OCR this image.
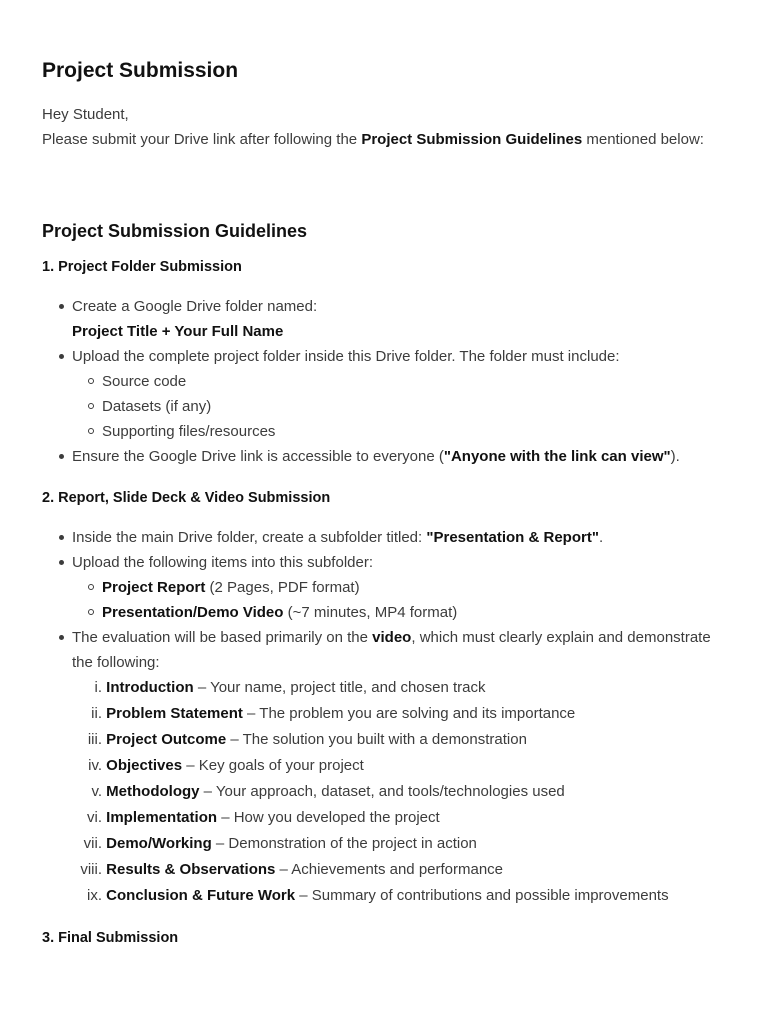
Project Submission

Hey Student,

Please submit your Drive link after following the Project Submission Guidelines mentioned below:

Project Submission Guidelines
1. Project Folder Submission
Create a Google Drive folder named:
Project Title + Your Full Name
Upload the complete project folder inside this Drive folder. The folder must include:
Source code
Datasets (if any)
Supporting files/resources
Ensure the Google Drive link is accessible to everyone ("Anyone with the link can view").
2. Report, Slide Deck & Video Submission
Inside the main Drive folder, create a subfolder titled: "Presentation & Report".
Upload the following items into this subfolder:
Project Report (2 Pages, PDF format)
Presentation/Demo Video (~7 minutes, MP4 format)
The evaluation will be based primarily on the video, which must clearly explain and demonstrate the following:
i.
Introduction – Your name, project title, and chosen track
ii.
Problem Statement – The problem you are solving and its importance
iii.
Project Outcome – The solution you built with a demonstration
iv.
Objectives – Key goals of your project
v.
Methodology – Your approach, dataset, and tools/technologies used
vi.
Implementation – How you developed the project
vii.
Demo/Working – Demonstration of the project in action
viii.
Results & Observations – Achievements and performance
ix.
Conclusion & Future Work – Summary of contributions and possible improvements
3. Final Submission
